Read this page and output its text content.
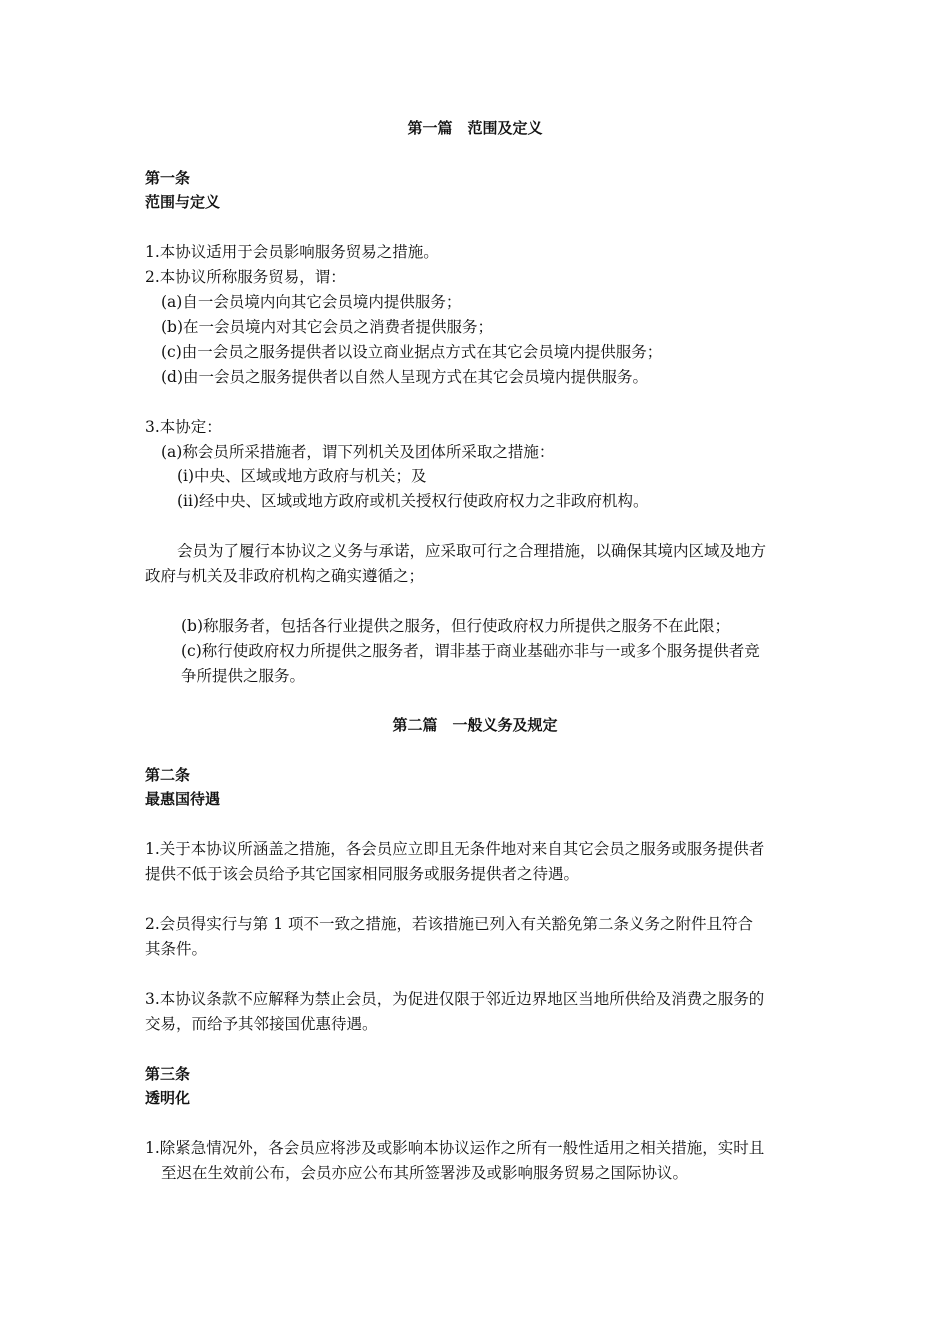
第一篇　范围及定义
第一条
范围与定义
1.本协议适用于会员影响服务贸易之措施。
2.本协议所称服务贸易，谓：
(a)自一会员境内向其它会员境内提供服务；
(b)在一会员境内对其它会员之消费者提供服务；
(c)由一会员之服务提供者以设立商业据点方式在其它会员境内提供服务；
(d)由一会员之服务提供者以自然人呈现方式在其它会员境内提供服务。
3.本协定：
(a)称会员所采措施者，谓下列机关及团体所采取之措施：
(i)中央、区域或地方政府与机关；及
(ii)经中央、区域或地方政府或机关授权行使政府权力之非政府机构。
会员为了履行本协议之义务与承诺，应采取可行之合理措施，以确保其境内区域及地方
政府与机关及非政府机构之确实遵循之；
(b)称服务者，包括各行业提供之服务，但行使政府权力所提供之服务不在此限；
(c)称行使政府权力所提供之服务者，谓非基于商业基础亦非与一或多个服务提供者竞
争所提供之服务。
第二篇　一般义务及规定
第二条
最惠国待遇
1.关于本协议所涵盖之措施，各会员应立即且无条件地对来自其它会员之服务或服务提供者
提供不低于该会员给予其它国家相同服务或服务提供者之待遇。
2.会员得实行与第 1 项不一致之措施，若该措施已列入有关豁免第二条义务之附件且符合
其条件。
3.本协议条款不应解释为禁止会员，为促进仅限于邻近边界地区当地所供给及消费之服务的
交易，而给予其邻接国优惠待遇。
第三条
透明化
1.除紧急情况外，各会员应将涉及或影响本协议运作之所有一般性适用之相关措施，实时且
至迟在生效前公布，会员亦应公布其所签署涉及或影响服务贸易之国际协议。
